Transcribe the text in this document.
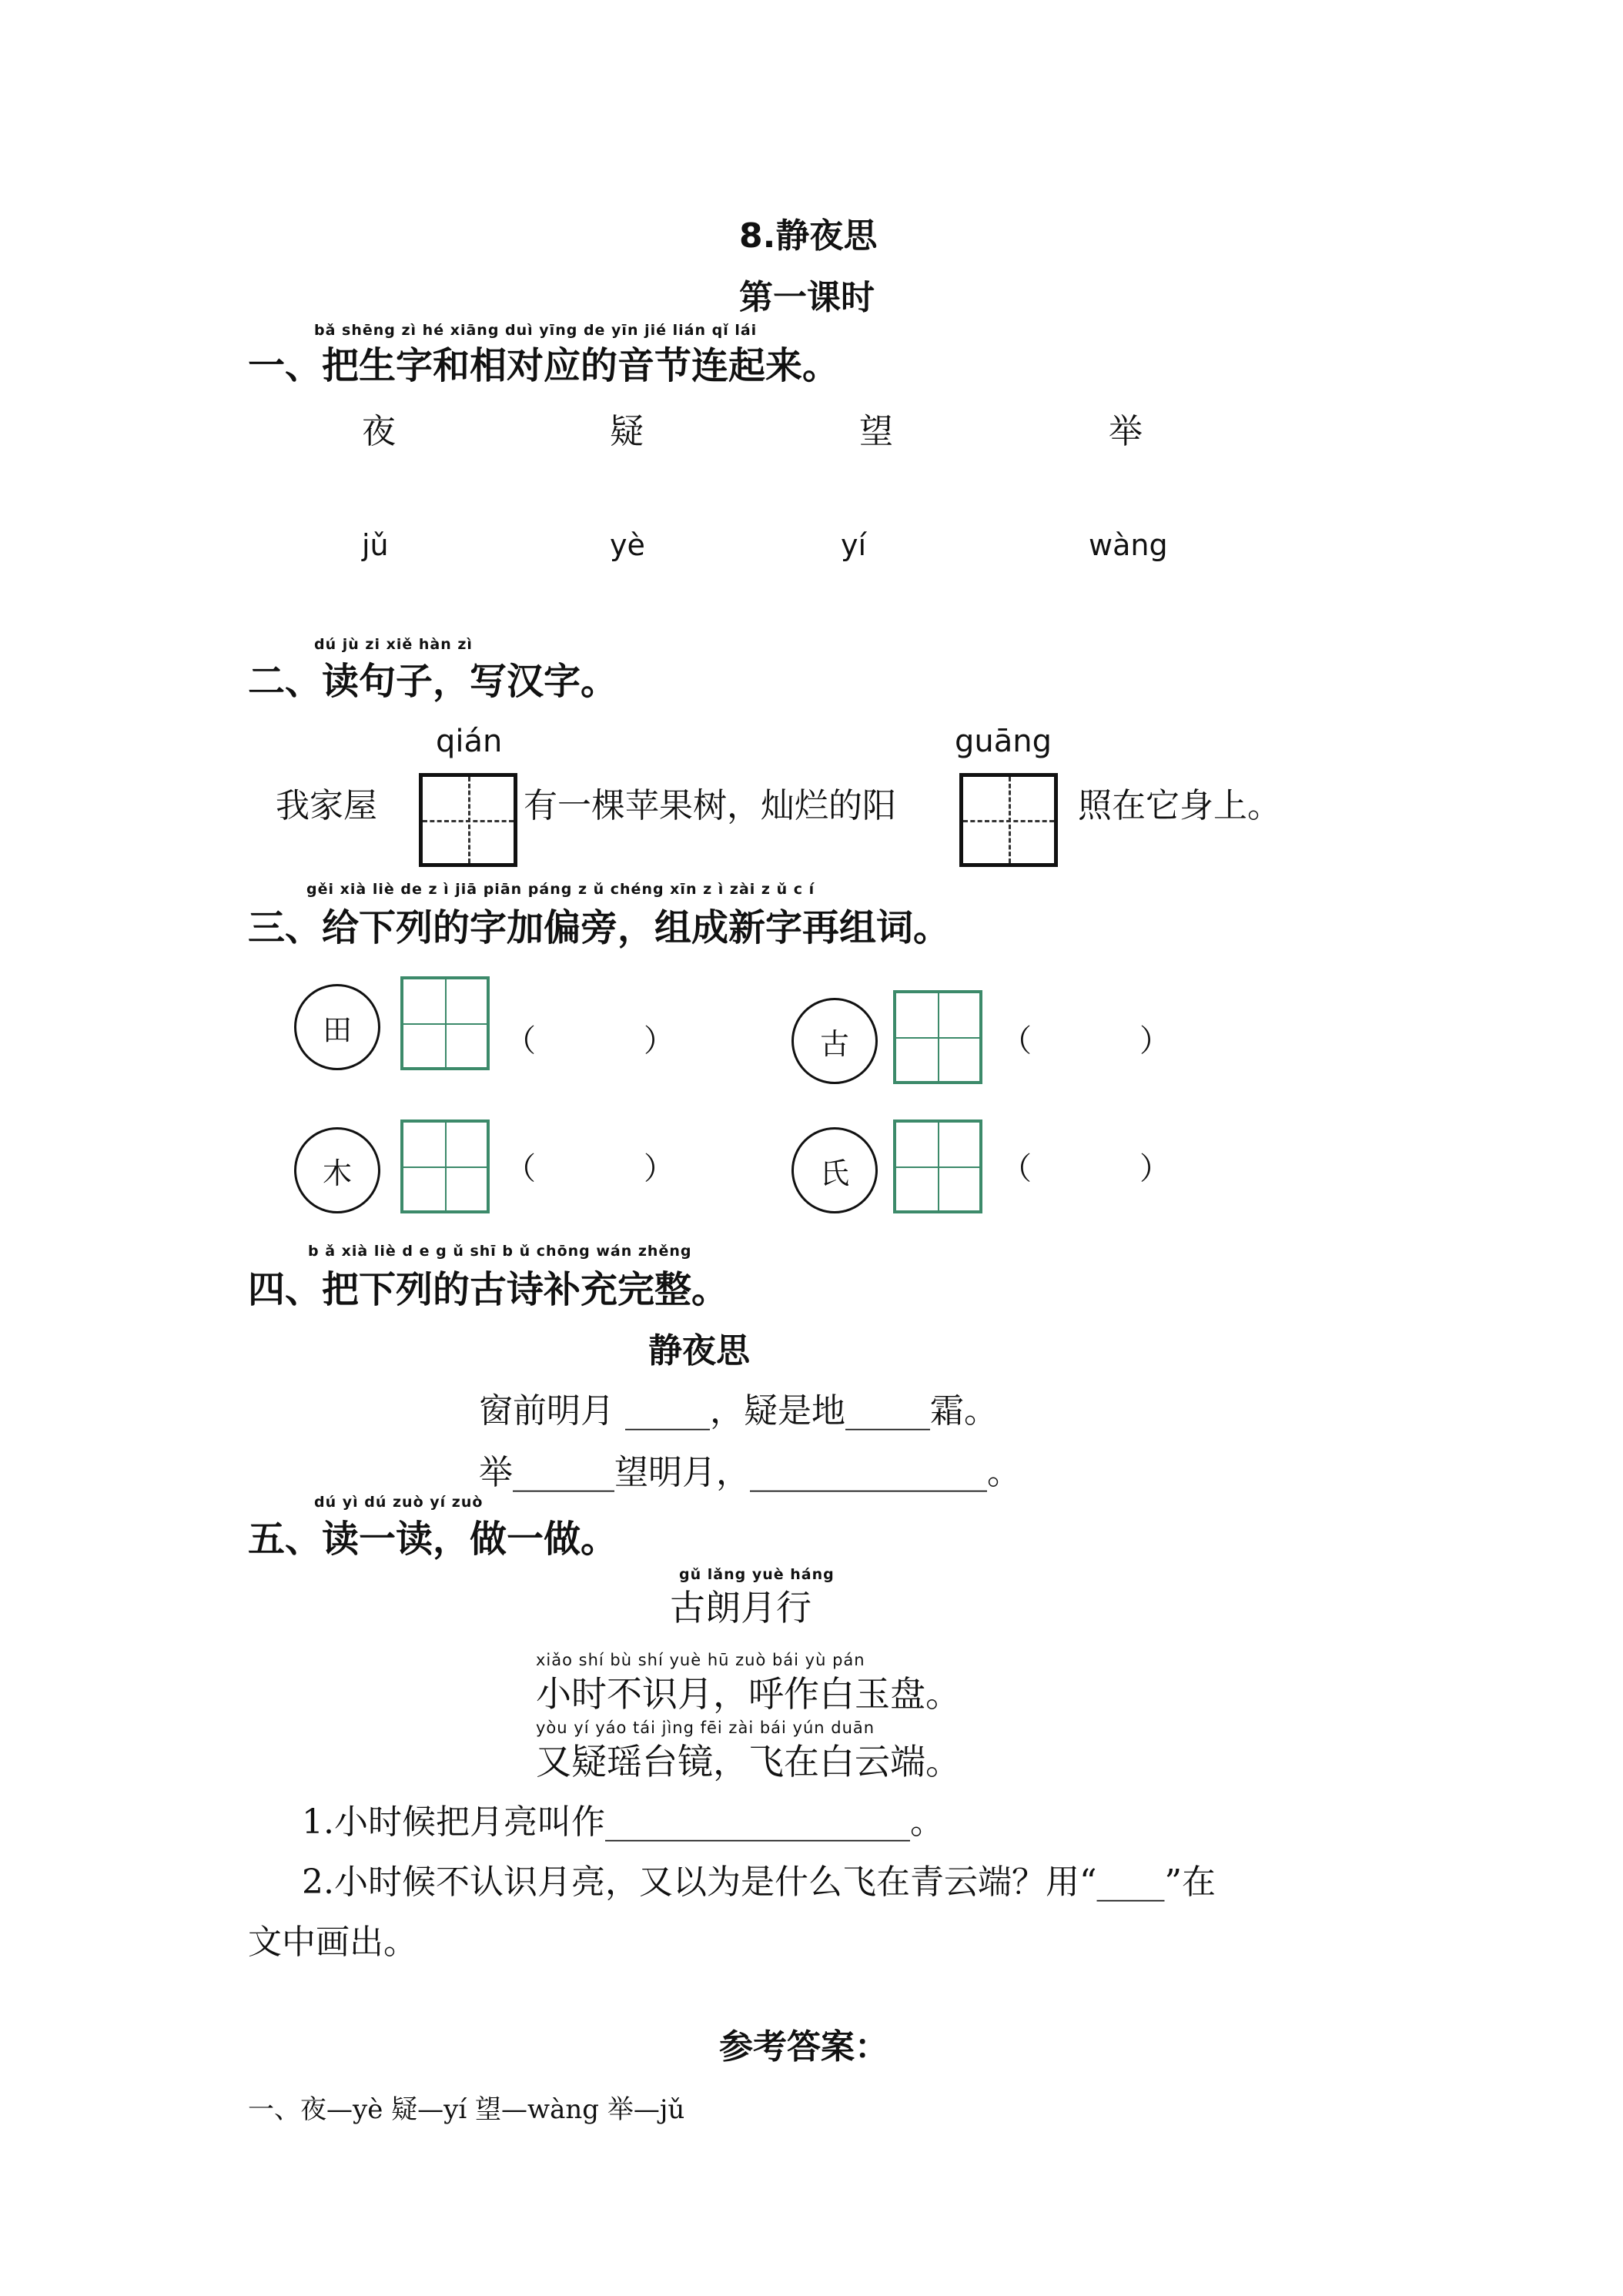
8.静夜思
第一课时
bǎ shēng zì hé xiāng duì yīng de yīn jié lián qǐ lái
一、把生字和相对应的音节连起来。
夜	疑	望	举
jǔ	yè	yí	wàng
dú jù zi xiě hàn zì
二、读句子，写汉字。
qián	guāng
我家屋	有一棵苹果树，灿烂的阳	照在它身上。
gěi xià liè de z ì jiā piān páng z ǔ chéng xīn z ì zài z ǔ c í
三、给下列的字加偏旁，组成新字再组词。
田	（	）	古	（	）
木	（	）	氏	（	）
b ǎ xià liè d e g ǔ shī b ǔ chōng wán zhěng
四、把下列的古诗补充完整。
静夜思
窗前明月 _____，疑是地_____霜。
举______望明月，______________。
dú yì dú zuò yí zuò
五、读一读，做一做。
gǔ lǎng yuè háng
古朗月行
xiǎo shí bù shí yuè hū zuò bái yù pán
小时不识月，呼作白玉盘。
yòu yí yáo tái jìng fēi zài bái yún duān
又疑瑶台镜，飞在白云端。
1.小时候把月亮叫作__________________。
2.小时候不认识月亮，又以为是什么飞在青云端？用“____”在
文中画出。
参考答案：
一、夜—yè 疑—yí 望—wàng 举—jǔ
